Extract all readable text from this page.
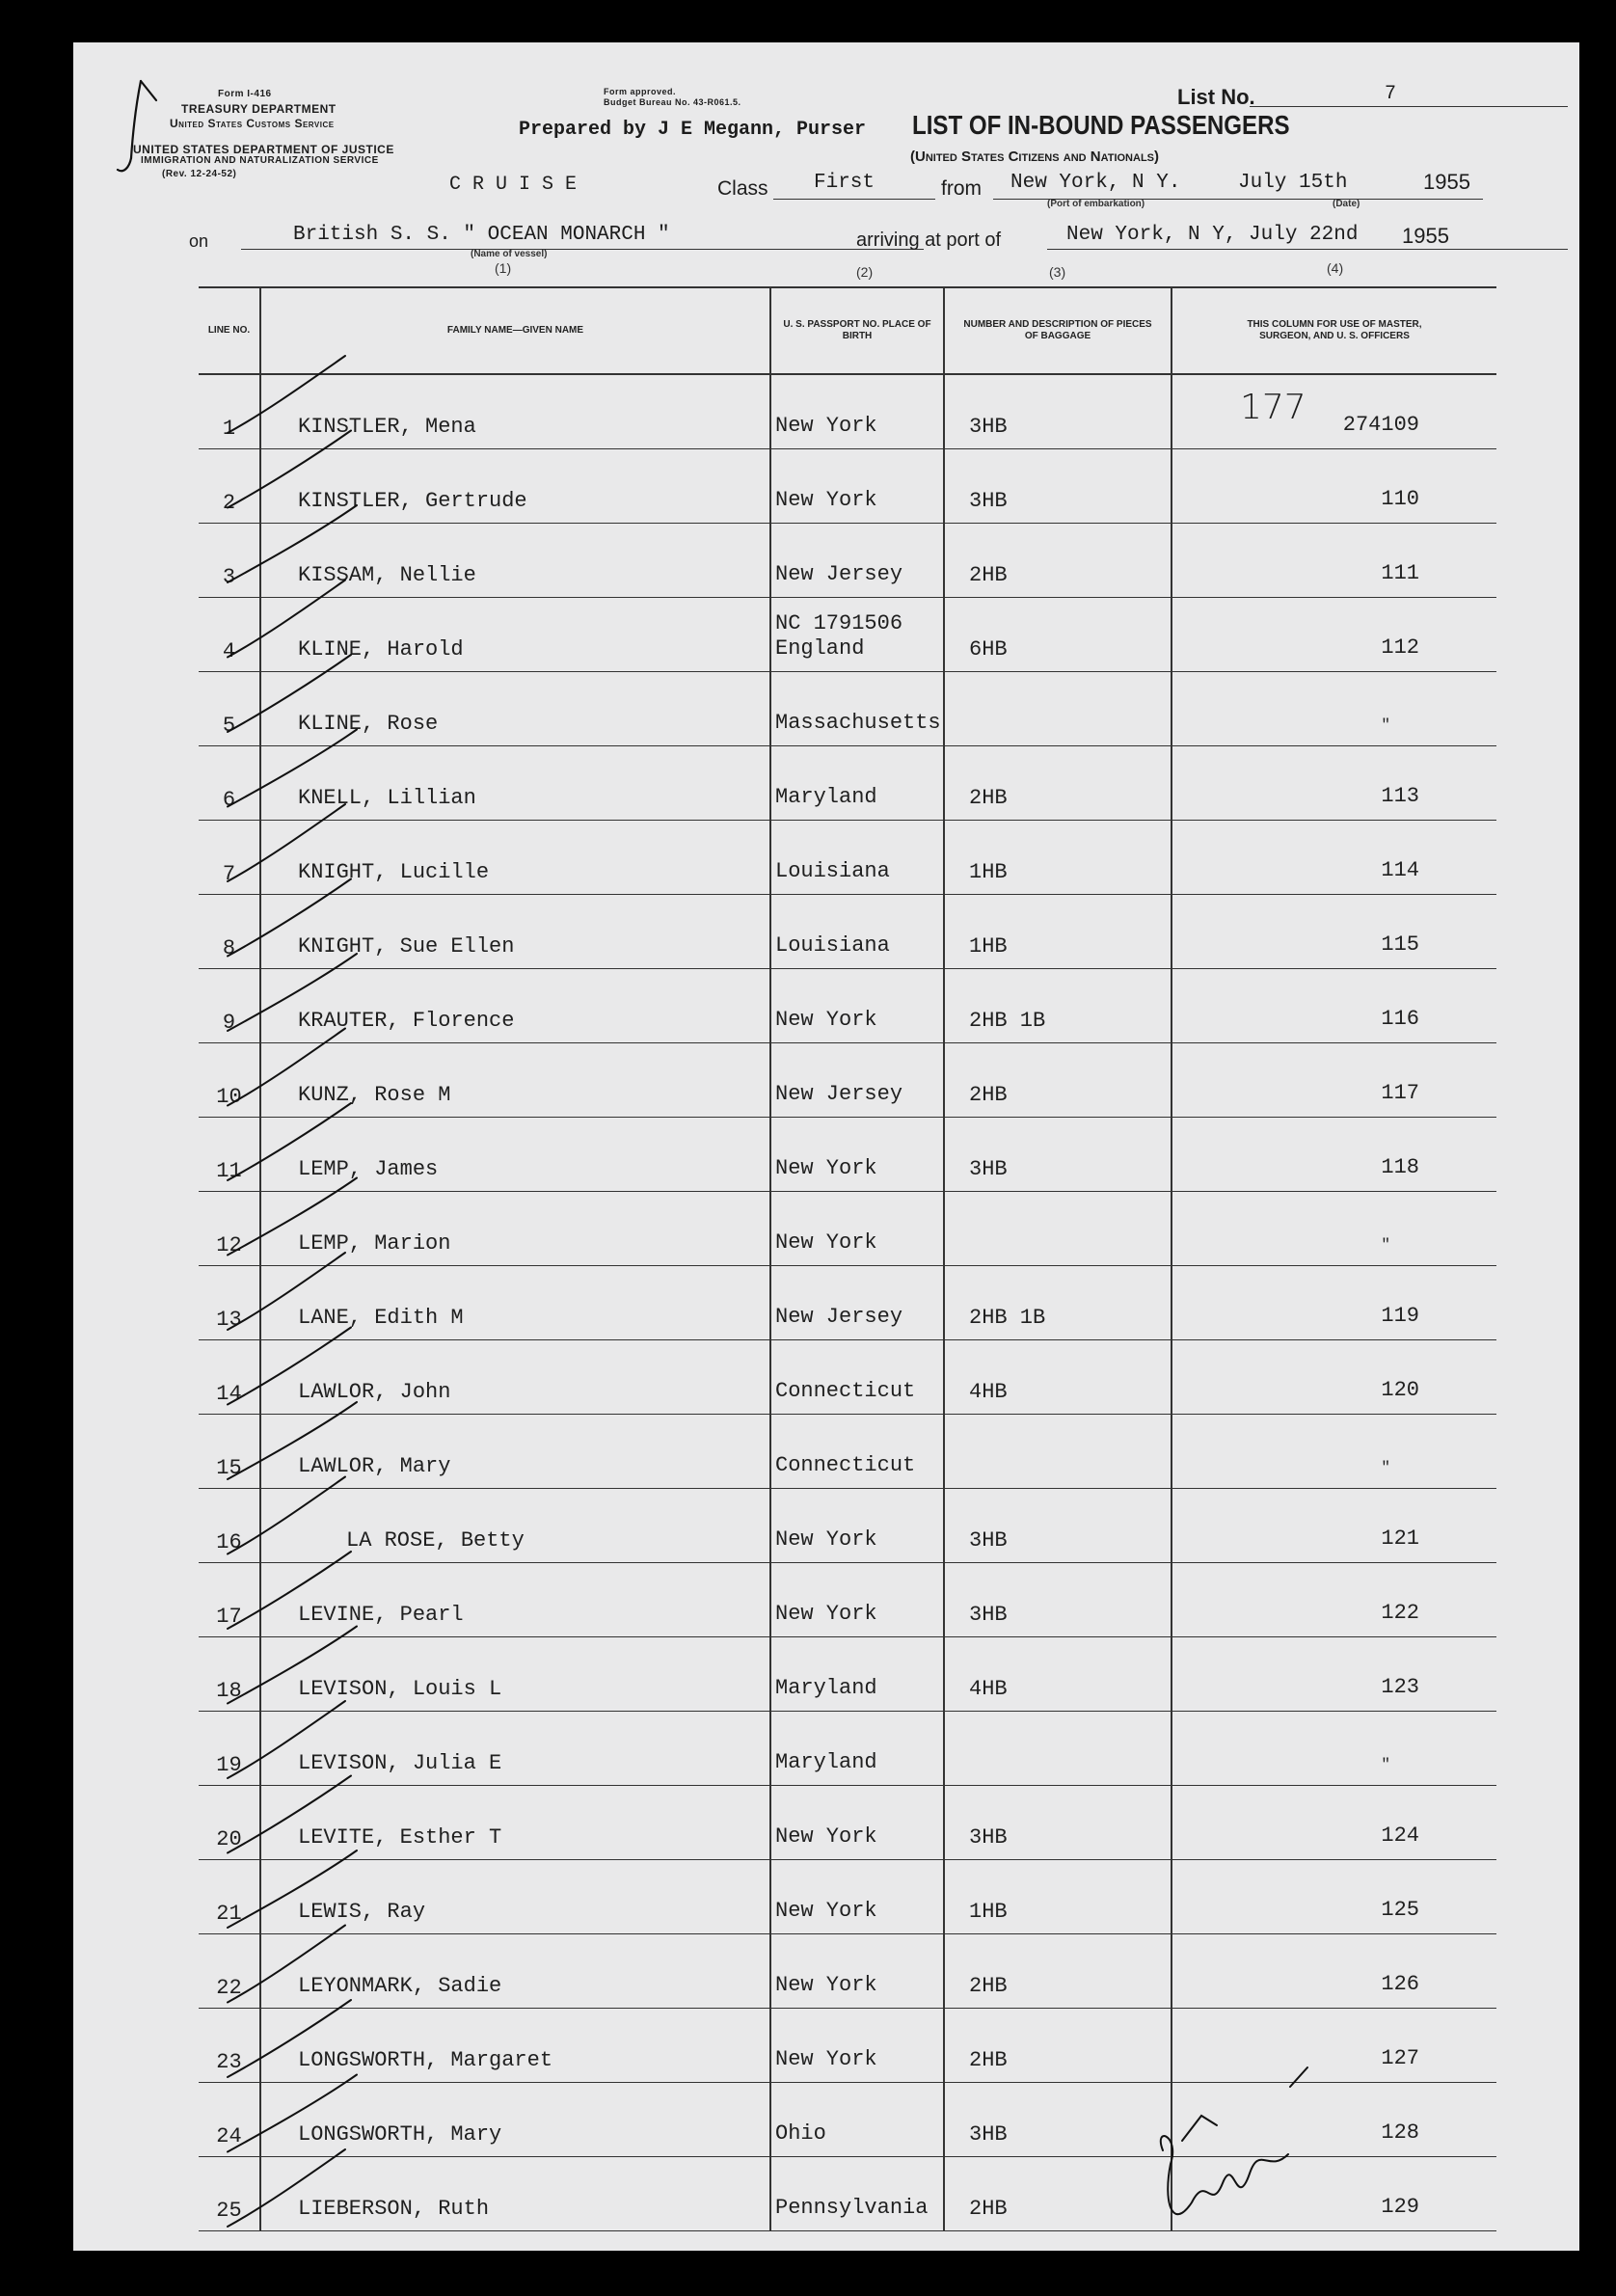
Form I-416
TREASURY DEPARTMENT
United States Customs Service
UNITED STATES DEPARTMENT OF JUSTICE
IMMIGRATION AND NATURALIZATION SERVICE
(Rev. 12-24-52)	C R U I S E
Form approved.
Budget Bureau No. 43-R061.5.
Prepared by J E Megann, Purser LIST OF IN-BOUND PASSENGERS
(United States Citizens and Nationals)
List No.	7
Class First	from New York, N Y.
(Port of embarkation)
July 15th
(Date)
1955
on	British S. S. " OCEAN MONARCH "
(Name of vessel)
arriving at port of	New York, N Y, July 22nd 1955
(1)	(2)	(3)	(4)
LINE NO.	FAMILY NAME—GIVEN NAME	U. S. PASSPORT NO. PLACE OF BIRTH	NUMBER AND DESCRIPTION OF PIECES OF BAGGAGE	THIS COLUMN FOR USE OF MASTER, SURGEON, AND U. S. OFFICERS

1	KINSTLER, Mena	New York	3HB	274109

2	KINSTLER, Gertrude	New York	3HB	110

3	KISSAM, Nellie	New Jersey	2HB	111

4	KLINE, Harold	NC 1791506
England	6HB	112

5	KLINE, Rose	Massachusetts		"

6	KNELL, Lillian	Maryland	2HB	113

7	KNIGHT, Lucille	Louisiana	1HB	114

8	KNIGHT, Sue Ellen	Louisiana	1HB	115

9	KRAUTER, Florence	New York	2HB 1B	116

10	KUNZ, Rose M	New Jersey	2HB	117

11	LEMP, James	New York	3HB	118

12	LEMP, Marion	New York		"

13	LANE, Edith M	New Jersey	2HB 1B	119

14	LAWLOR, John	Connecticut	4HB	120

15	LAWLOR, Mary	Connecticut		"

16	LA ROSE, Betty	New York	3HB	121

17	LEVINE, Pearl	New York	3HB	122

18	LEVISON, Louis L	Maryland	4HB	123

19	LEVISON, Julia E	Maryland		"

20	LEVITE, Esther T	New York	3HB	124

21	LEWIS, Ray	New York	1HB	125

22	LEYONMARK, Sadie	New York	2HB	126

23	LONGSWORTH, Margaret	New York	2HB	127

24	LONGSWORTH, Mary	Ohio	3HB	128

25	LIEBERSON, Ruth	Pennsylvania	2HB	129
177
